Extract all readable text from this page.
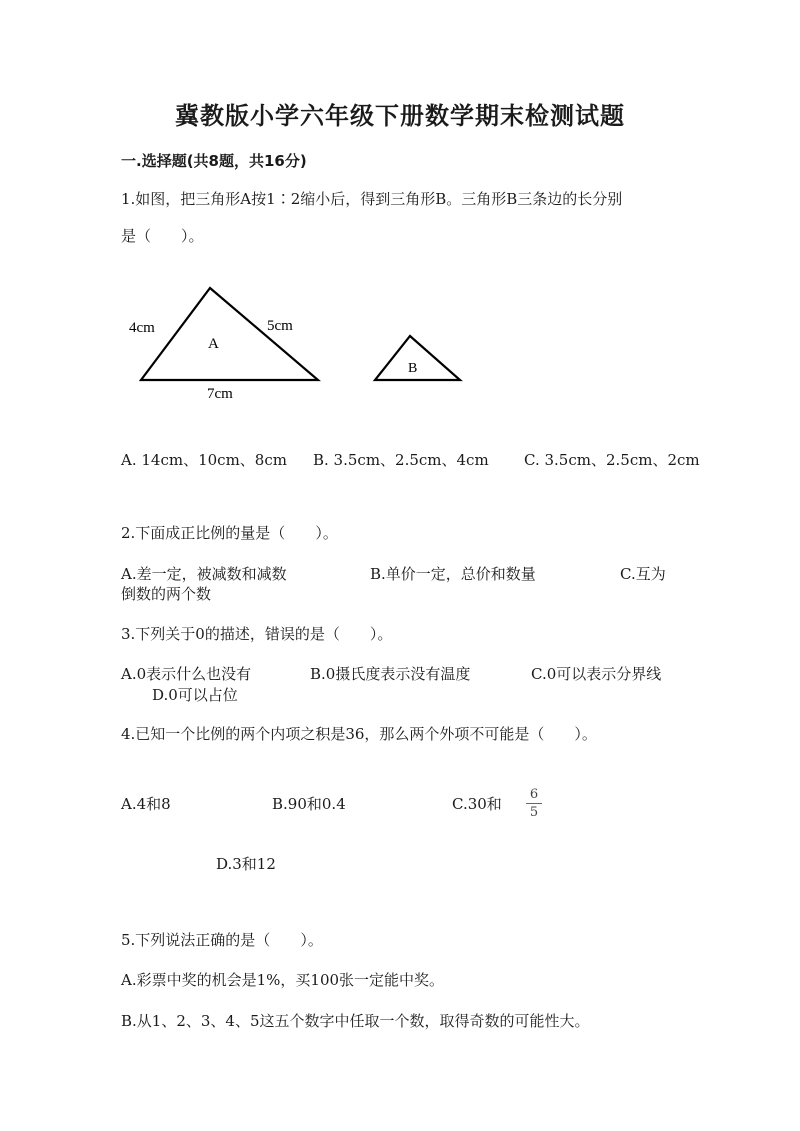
冀教版小学六年级下册数学期末检测试题
一.选择题(共8题，共16分)
1.如图，把三角形A按1∶2缩小后，得到三角形B。三角形B三条边的长分别
是（　　）。
A
B
4cm	5cm
7cm
A. 14cm、10cm、8cm B. 3.5cm、2.5cm、4cm C. 3.5cm、2.5cm、2cm
2.下面成正比例的量是（　　）。
A.差一定，被减数和减数	B.单价一定，总价和数量	C.互为
倒数的两个数
3.下列关于0的描述，错误的是（　　）。
A.0表示什么也没有	B.0摄氏度表示没有温度	C.0可以表示分界线
D.0可以占位
4.已知一个比例的两个内项之积是36，那么两个外项不可能是（　　）。
A.4和8	B.90和0.4	C.30和
6
5
D.3和12
5.下列说法正确的是（　　）。
A.彩票中奖的机会是1%，买100张一定能中奖。
B.从1、2、3、4、5这五个数字中任取一个数，取得奇数的可能性大。
